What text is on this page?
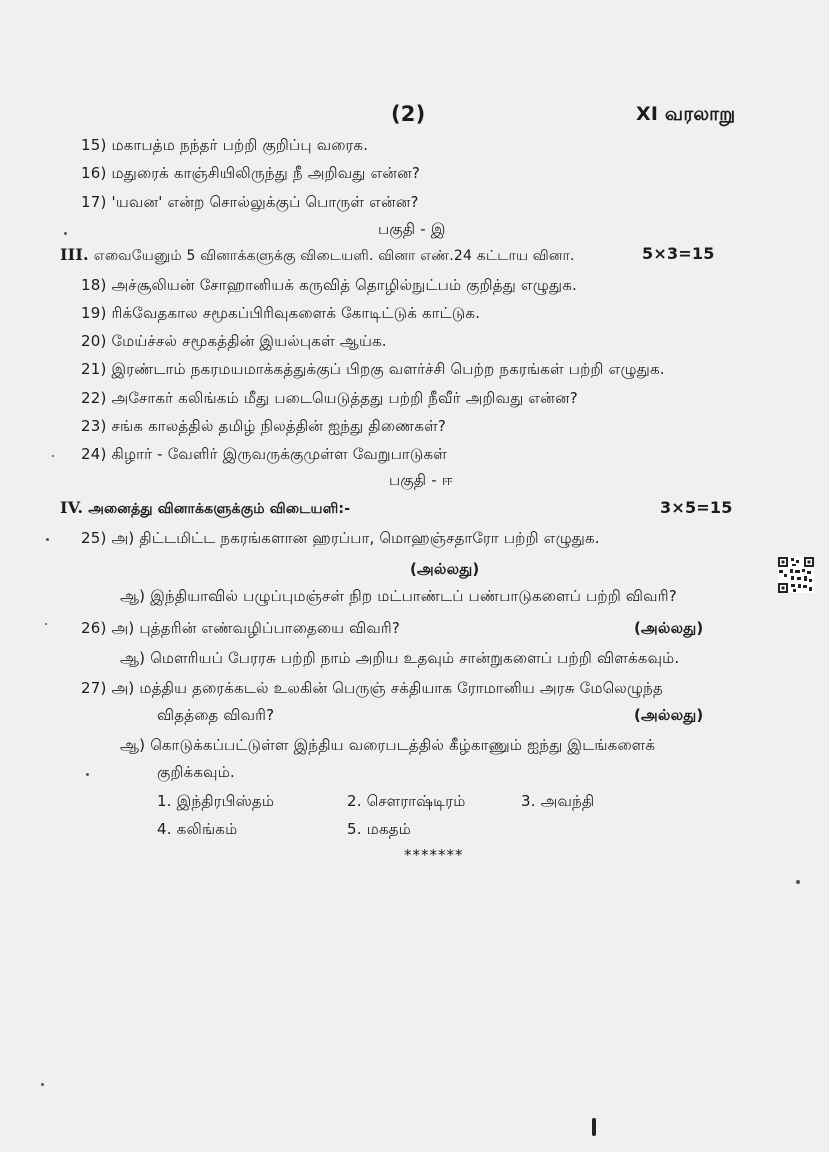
(2)	XI வரலாறு
15) மகாபத்ம நந்தர் பற்றி குறிப்பு வரைக.
16) மதுரைக் காஞ்சியிலிருந்து நீ அறிவது என்ன?
17) 'யவன' என்ற சொல்லுக்குப் பொருள் என்ன?
பகுதி - இ
III. எவையேனும் 5 வினாக்களுக்கு விடையளி. வினா எண்.24 கட்டாய வினா.	5×3=15
18) அச்சூலியன் சோஹானியக் கருவித் தொழில்நுட்பம் குறித்து எழுதுக.
19) ரிக்வேதகால சமூகப்பிரிவுகளைக் கோடிட்டுக் காட்டுக.
20) மேய்ச்சல் சமூகத்தின் இயல்புகள் ஆய்க.
21) இரண்டாம் நகரமயமாக்கத்துக்குப் பிறகு வளர்ச்சி பெற்ற நகரங்கள் பற்றி எழுதுக.
22) அசோகர் கலிங்கம் மீது படையெடுத்தது பற்றி நீவீர் அறிவது என்ன?
23) சங்க காலத்தில் தமிழ் நிலத்தின் ஐந்து திணைகள்?
24) கிழார் - வேளிர் இருவருக்குமுள்ள வேறுபாடுகள்
பகுதி - ஈ
IV. அனைத்து வினாக்களுக்கும் விடையளி:-	3×5=15
25) அ) திட்டமிட்ட நகரங்களான ஹரப்பா, மொஹஞ்சதாரோ பற்றி எழுதுக.
(அல்லது)
ஆ) இந்தியாவில் பழுப்புமஞ்சள் நிற மட்பாண்டப் பண்பாடுகளைப் பற்றி விவரி?
26) அ) புத்தரின் எண்வழிப்பாதையை விவரி?	(அல்லது)
ஆ) மௌரியப் பேரரசு பற்றி நாம் அறிய உதவும் சான்றுகளைப் பற்றி விளக்கவும்.
27) அ) மத்திய தரைக்கடல் உலகின் பெருஞ் சக்தியாக ரோமானிய அரசு மேலெழுந்த
விதத்தை விவரி?	(அல்லது)
ஆ) கொடுக்கப்பட்டுள்ள இந்திய வரைபடத்தில் கீழ்காணும் ஐந்து இடங்களைக்
குறிக்கவும்.
1. இந்திரபிஸ்தம்	2. சௌராஷ்டிரம்	3. அவந்தி
4. கலிங்கம்	5. மகதம்
*******
